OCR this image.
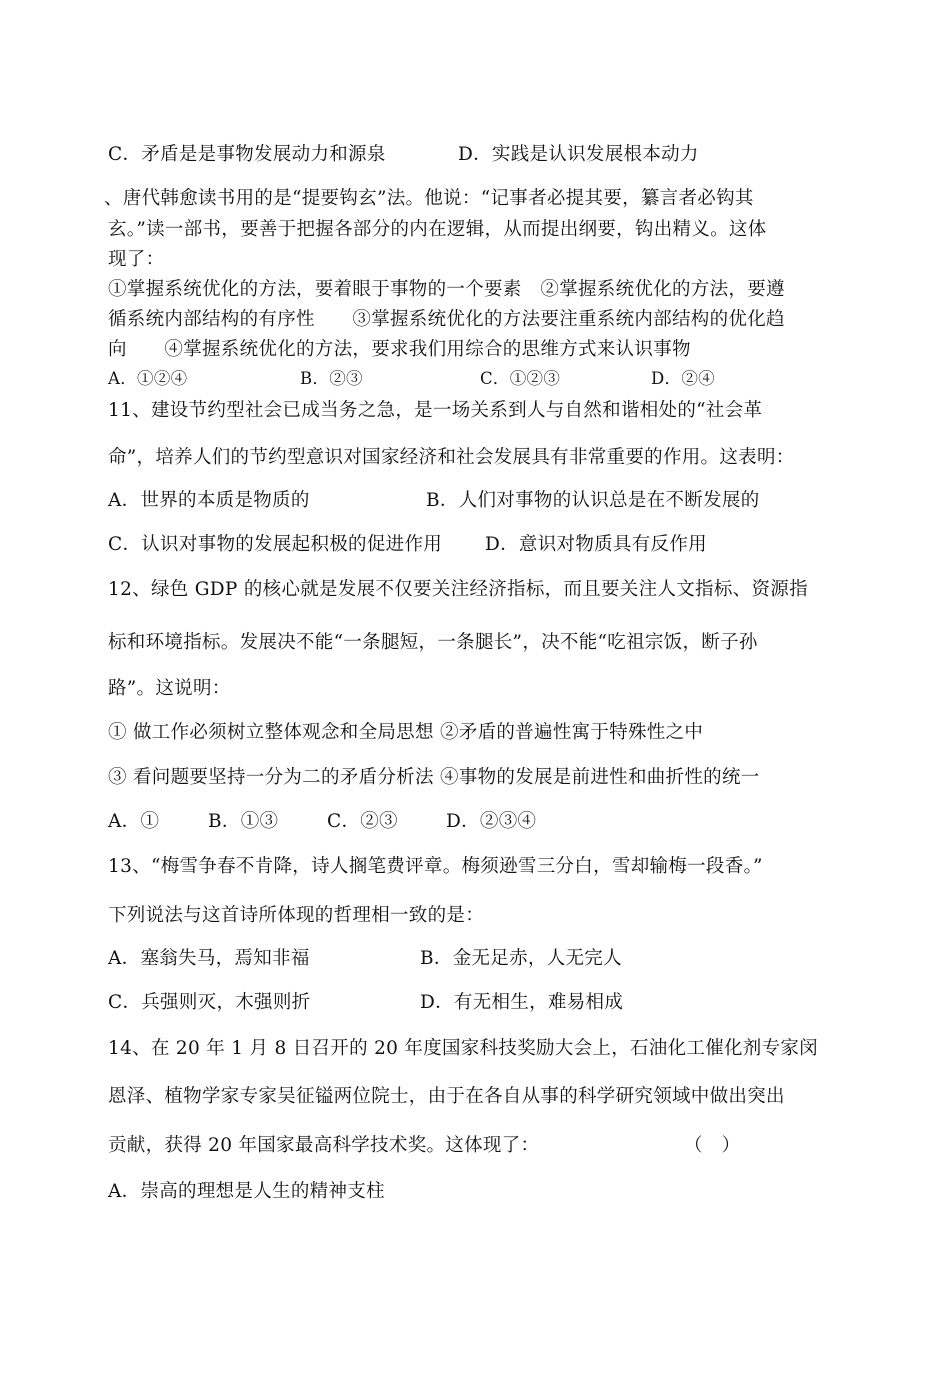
C．矛盾是是事物发展动力和源泉	D．实践是认识发展根本动力
、唐代韩愈读书用的是“提要钩玄”法。他说：“记事者必提其要，纂言者必钩其
玄。”读一部书，要善于把握各部分的内在逻辑，从而提出纲要，钩出精义。这体
现了：
①掌握系统优化的方法，要着眼于事物的一个要素　②掌握系统优化的方法，要遵
循系统内部结构的有序性　　③掌握系统优化的方法要注重系统内部结构的优化趋
向　　④掌握系统优化的方法，要求我们用综合的思维方式来认识事物
A．①②④	B．②③	C．①②③	D．②④
11、建设节约型社会已成当务之急，是一场关系到人与自然和谐相处的“社会革
命”，培养人们的节约型意识对国家经济和社会发展具有非常重要的作用。这表明：
A．世界的本质是物质的	B．人们对事物的认识总是在不断发展的
C．认识对事物的发展起积极的促进作用 D．意识对物质具有反作用
12、绿色 GDP 的核心就是发展不仅要关注经济指标，而且要关注人文指标、资源指
标和环境指标。发展决不能“一条腿短，一条腿长”，决不能“吃祖宗饭，断子孙
路”。这说明：
① 做工作必须树立整体观念和全局思想 ②矛盾的普遍性寓于特殊性之中
③ 看问题要坚持一分为二的矛盾分析法 ④事物的发展是前进性和曲折性的统一
A．①	B．①③	C．②③	D．②③④
13、“梅雪争春不肯降，诗人搁笔费评章。梅须逊雪三分白，雪却输梅一段香。”
下列说法与这首诗所体现的哲理相一致的是：
A．塞翁失马，焉知非福	B．金无足赤，人无完人
C．兵强则灭，木强则折	D．有无相生，难易相成
14、在 20 年 1 月 8 日召开的 20 年度国家科技奖励大会上，石油化工催化剂专家闵
恩泽、植物学家专家吴征镒两位院士，由于在各自从事的科学研究领域中做出突出
贡献，获得 20 年国家最高科学技术奖。这体现了：	（　）
A．崇高的理想是人生的精神支柱
